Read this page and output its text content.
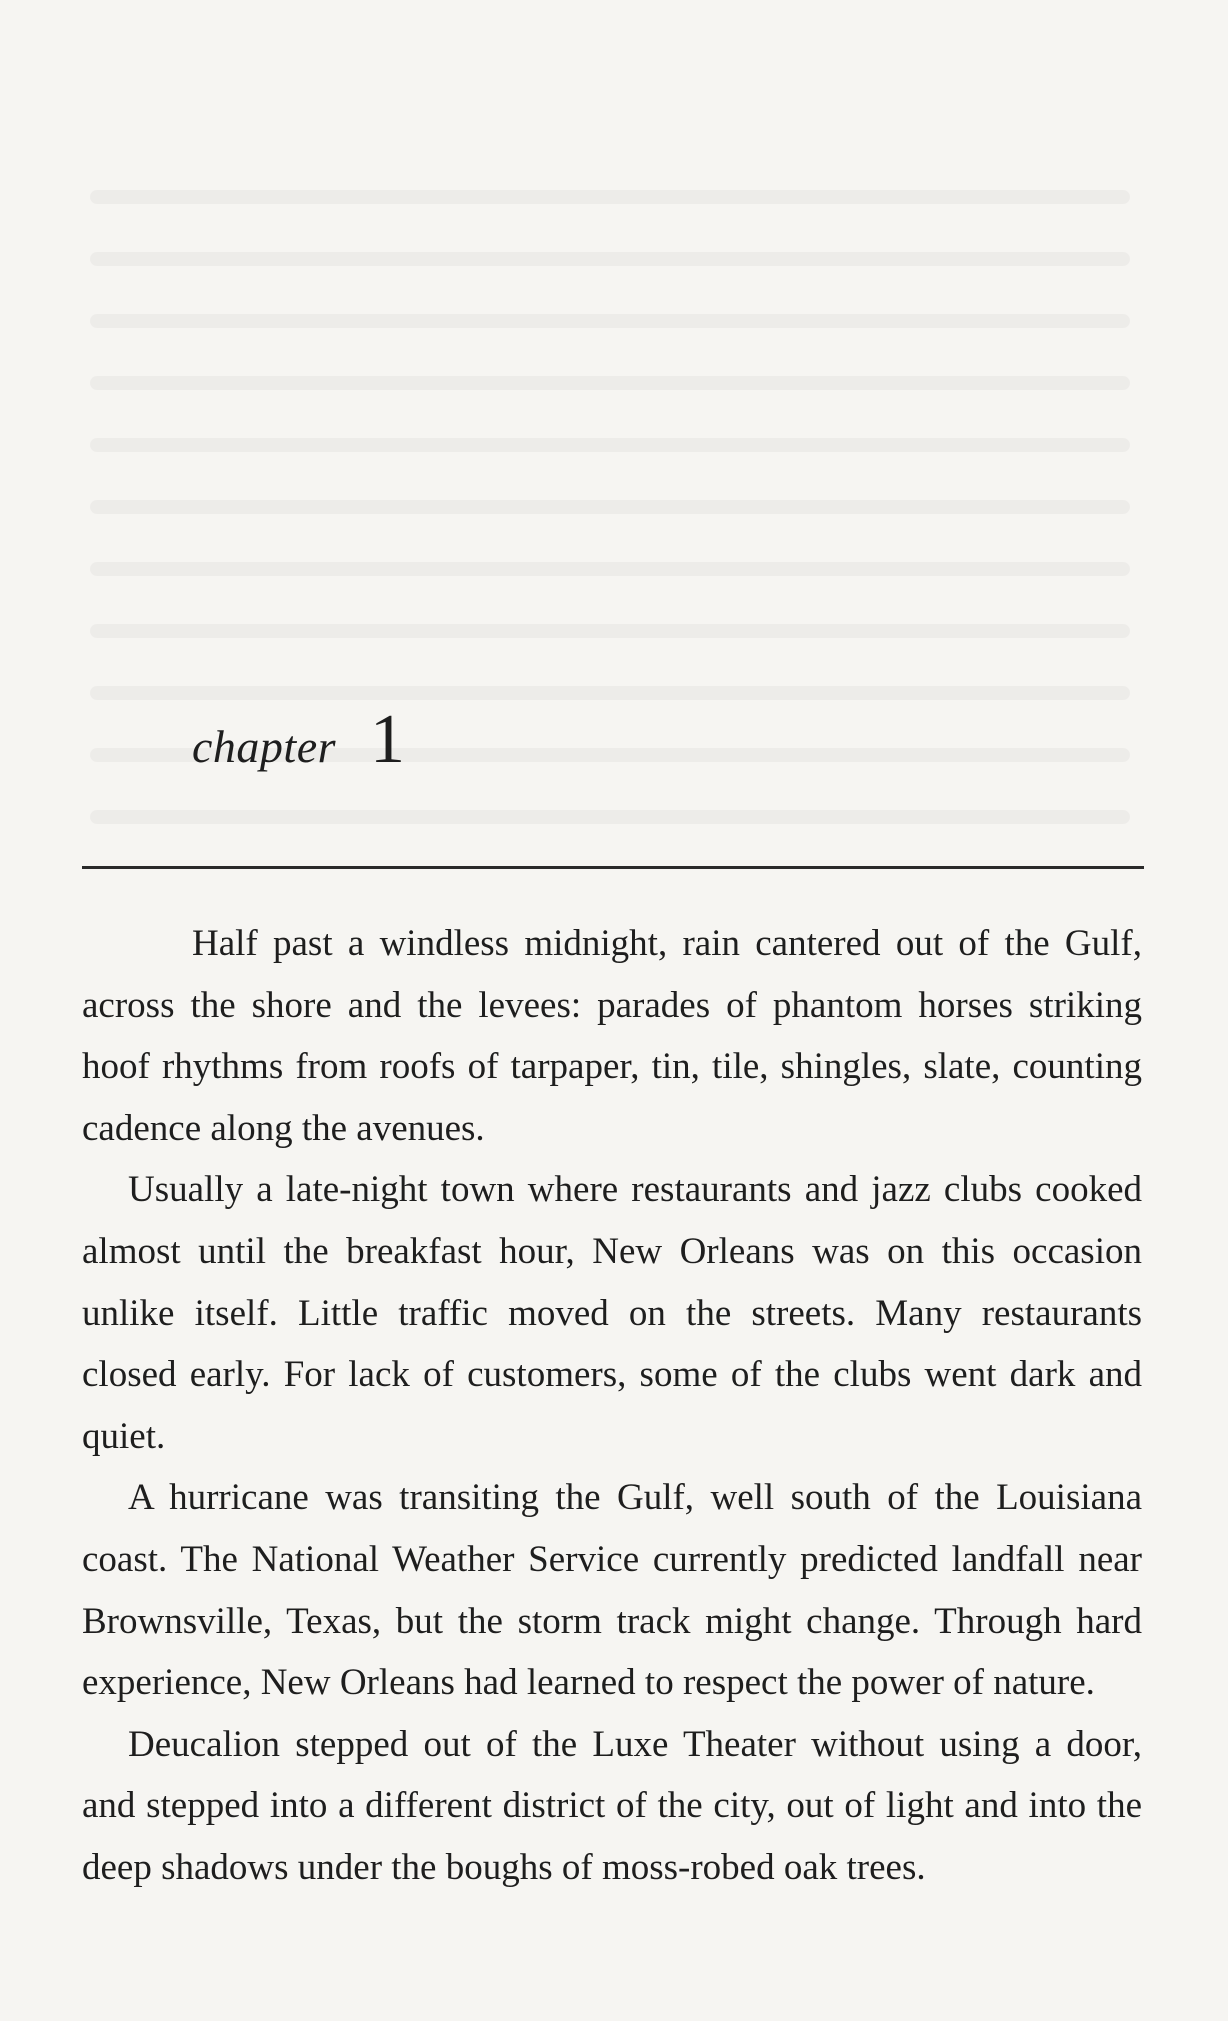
chapter 1

Half past a windless midnight, rain cantered out of the Gulf, across the shore and the levees: parades of phantom horses striking hoof rhythms from roofs of tarpaper, tin, tile, shingles, slate, counting cadence along the avenues.

Usually a late-night town where restaurants and jazz clubs cooked almost until the breakfast hour, New Orleans was on this occasion unlike itself. Little traffic moved on the streets. Many restaurants closed early. For lack of customers, some of the clubs went dark and quiet.

A hurricane was transiting the Gulf, well south of the Louisiana coast. The National Weather Service currently predicted landfall near Brownsville, Texas, but the storm track might change. Through hard experience, New Orleans had learned to respect the power of nature.

Deucalion stepped out of the Luxe Theater without using a door, and stepped into a different district of the city, out of light and into the deep shadows under the boughs of moss-robed oak trees.
